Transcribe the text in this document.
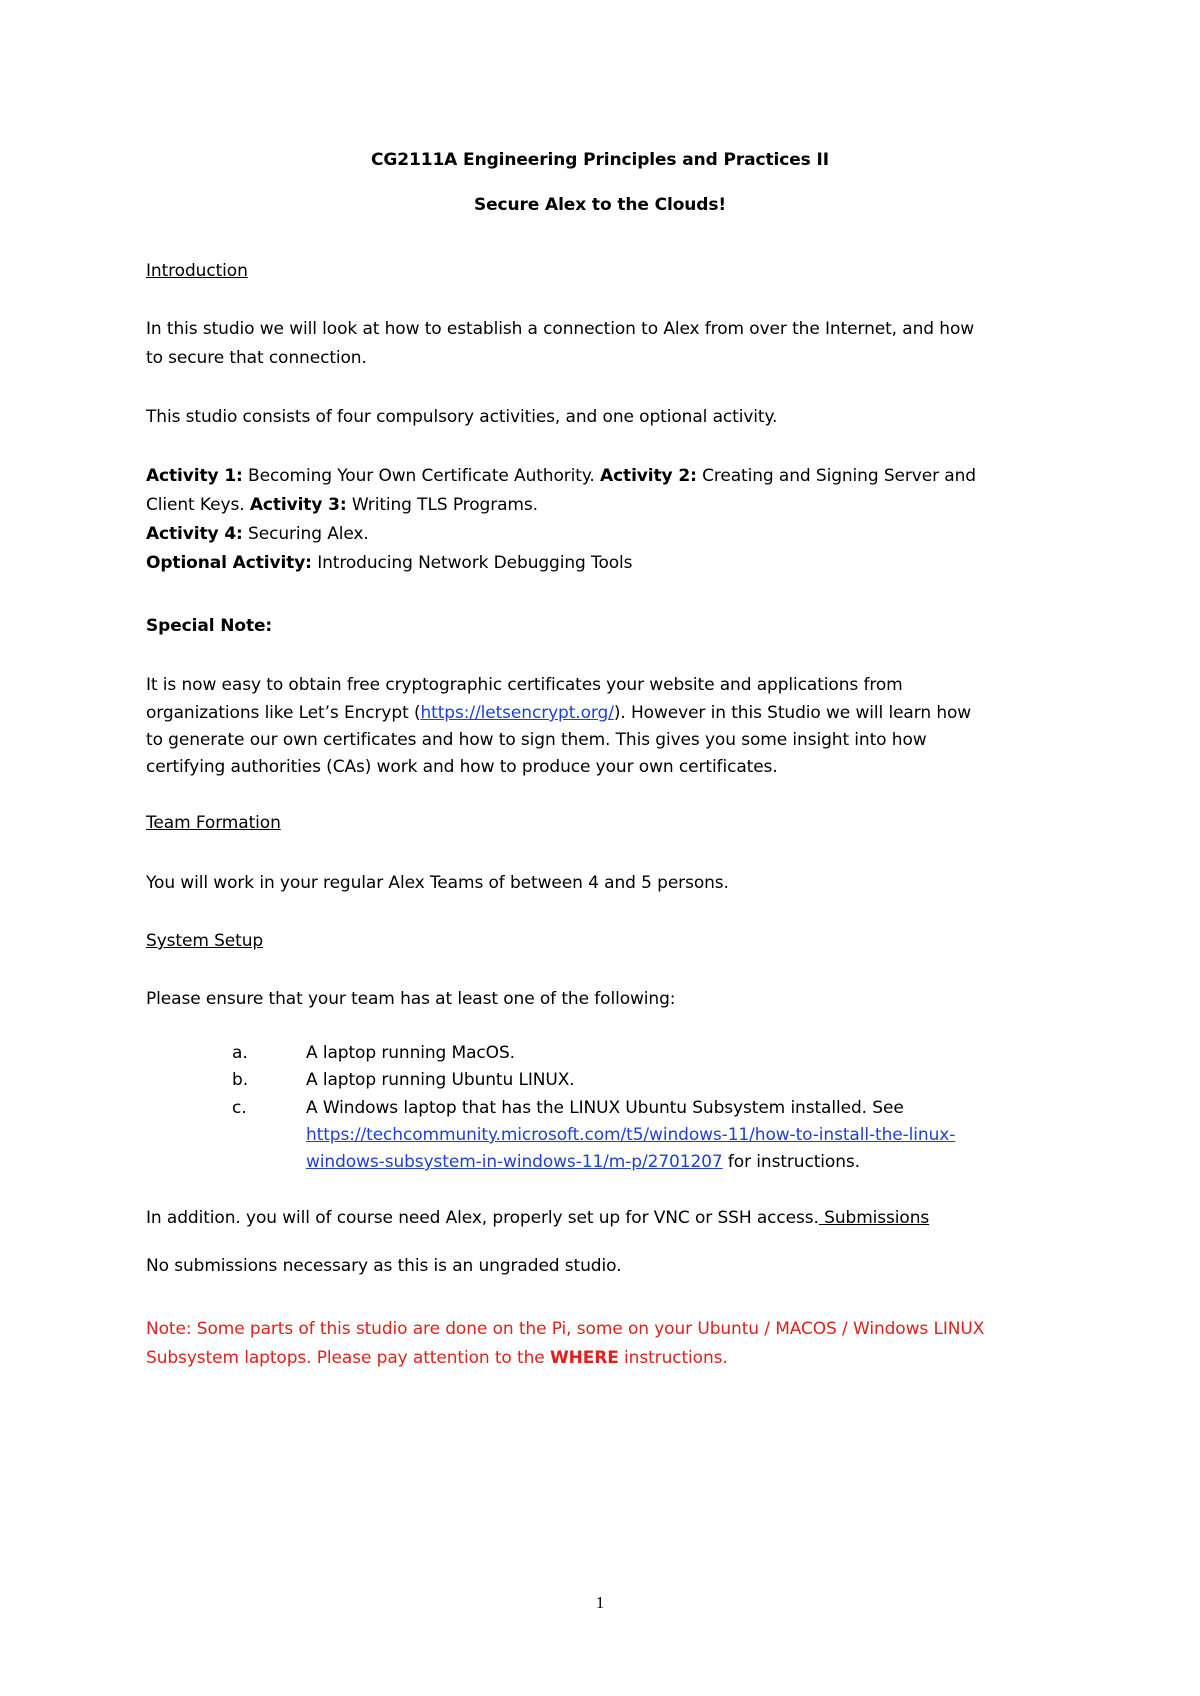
CG2111A Engineering Principles and Practices II
Secure Alex to the Clouds!
Introduction
In this studio we will look at how to establish a connection to Alex from over the Internet, and how
to secure that connection.
This studio consists of four compulsory activities, and one optional activity.
Activity 1: Becoming Your Own Certificate Authority. Activity 2: Creating and Signing Server and
Client Keys. Activity 3: Writing TLS Programs.
Activity 4: Securing Alex.
Optional Activity: Introducing Network Debugging Tools
Special Note:
It is now easy to obtain free cryptographic certificates your website and applications from
organizations like Let’s Encrypt (https://letsencrypt.org/). However in this Studio we will learn how
to generate our own certificates and how to sign them. This gives you some insight into how
certifying authorities (CAs) work and how to produce your own certificates.
Team Formation
You will work in your regular Alex Teams of between 4 and 5 persons.
System Setup
Please ensure that your team has at least one of the following:
a.	A laptop running MacOS.
b.	A laptop running Ubuntu LINUX.
c.	A Windows laptop that has the LINUX Ubuntu Subsystem installed. See
https://techcommunity.microsoft.com/t5/windows-11/how-to-install-the-linux-
windows-subsystem-in-windows-11/m-p/2701207 for instructions.
In addition. you will of course need Alex, properly set up for VNC or SSH access. Submissions
No submissions necessary as this is an ungraded studio.
Note: Some parts of this studio are done on the Pi, some on your Ubuntu / MACOS / Windows LINUX
Subsystem laptops. Please pay attention to the WHERE instructions.
1
